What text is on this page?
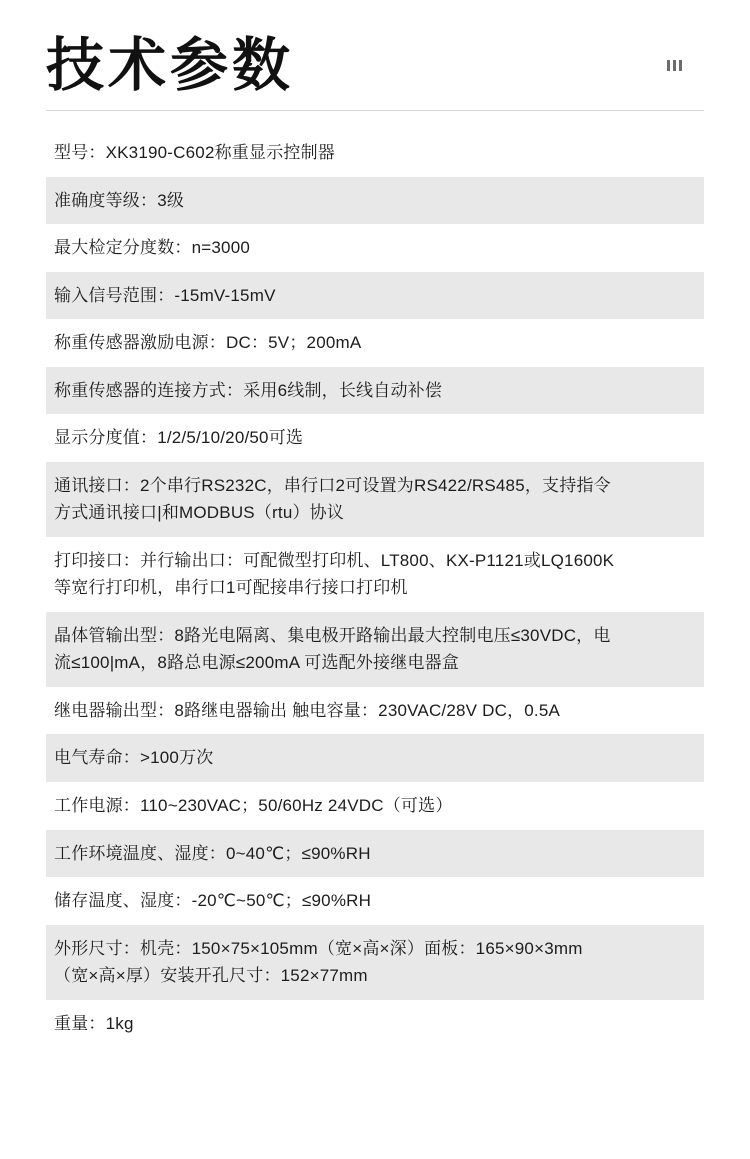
技术参数
型号：XK3190-C602称重显示控制器
准确度等级：3级
最大检定分度数：n=3000
输入信号范围：-15mV-15mV
称重传感器激励电源：DC：5V；200mA
称重传感器的连接方式：采用6线制，长线自动补偿
显示分度值：1/2/5/10/20/50可选
通讯接口：2个串行RS232C，串行口2可设置为RS422/RS485，支持指令
方式通讯接口|和MODBUS（rtu）协议
打印接口：并行输出口：可配微型打印机、LT800、KX-P1121或LQ1600K
等宽行打印机，串行口1可配接串行接口打印机
晶体管输出型：8路光电隔离、集电极开路输出最大控制电压≤30VDC，电
流≤100|mA，8路总电源≤200mA 可选配外接继电器盒
继电器输出型：8路继电器输出 触电容量：230VAC/28V DC，0.5A
电气寿命：>100万次
工作电源：110~230VAC；50/60Hz 24VDC（可选）
工作环境温度、湿度：0~40℃；≤90%RH
储存温度、湿度：-20℃~50℃；≤90%RH
外形尺寸：机壳：150×75×105mm（宽×高×深）面板：165×90×3mm
（宽×高×厚）安装开孔尺寸：152×77mm
重量：1kg
